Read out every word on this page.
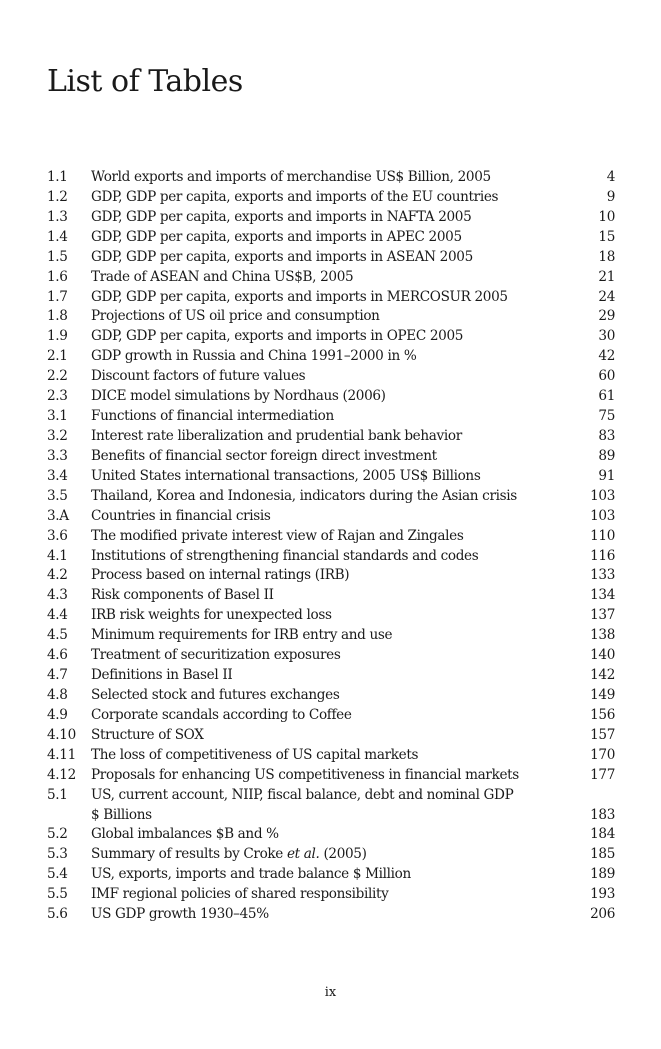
List of Tables
1.1	World exports and imports of merchandise US$ Billion, 2005	4
1.2	GDP, GDP per capita, exports and imports of the EU countries	9
1.3	GDP, GDP per capita, exports and imports in NAFTA 2005	10
1.4	GDP, GDP per capita, exports and imports in APEC 2005	15
1.5	GDP, GDP per capita, exports and imports in ASEAN 2005	18
1.6	Trade of ASEAN and China US$B, 2005	21
1.7	GDP, GDP per capita, exports and imports in MERCOSUR 2005	24
1.8	Projections of US oil price and consumption	29
1.9	GDP, GDP per capita, exports and imports in OPEC 2005	30
2.1	GDP growth in Russia and China 1991–2000 in %	42
2.2	Discount factors of future values	60
2.3	DICE model simulations by Nordhaus (2006)	61
3.1	Functions of financial intermediation	75
3.2	Interest rate liberalization and prudential bank behavior	83
3.3	Benefits of financial sector foreign direct investment	89
3.4	United States international transactions, 2005 US$ Billions	91
3.5	Thailand, Korea and Indonesia, indicators during the Asian crisis	103
3.A	Countries in financial crisis	103
3.6	The modified private interest view of Rajan and Zingales	110
4.1	Institutions of strengthening financial standards and codes	116
4.2	Process based on internal ratings (IRB)	133
4.3	Risk components of Basel II	134
4.4	IRB risk weights for unexpected loss	137
4.5	Minimum requirements for IRB entry and use	138
4.6	Treatment of securitization exposures	140
4.7	Definitions in Basel II	142
4.8	Selected stock and futures exchanges	149
4.9	Corporate scandals according to Coffee	156
4.10	Structure of SOX	157
4.11	The loss of competitiveness of US capital markets	170
4.12	Proposals for enhancing US competitiveness in financial markets	177
5.1	US, current account, NIIP, fiscal balance, debt and nominal GDP
$ Billions	183
5.2	Global imbalances $B and %	184
5.3	Summary of results by Croke et al. (2005)	185
5.4	US, exports, imports and trade balance $ Million	189
5.5	IMF regional policies of shared responsibility	193
5.6	US GDP growth 1930–45%	206
ix
